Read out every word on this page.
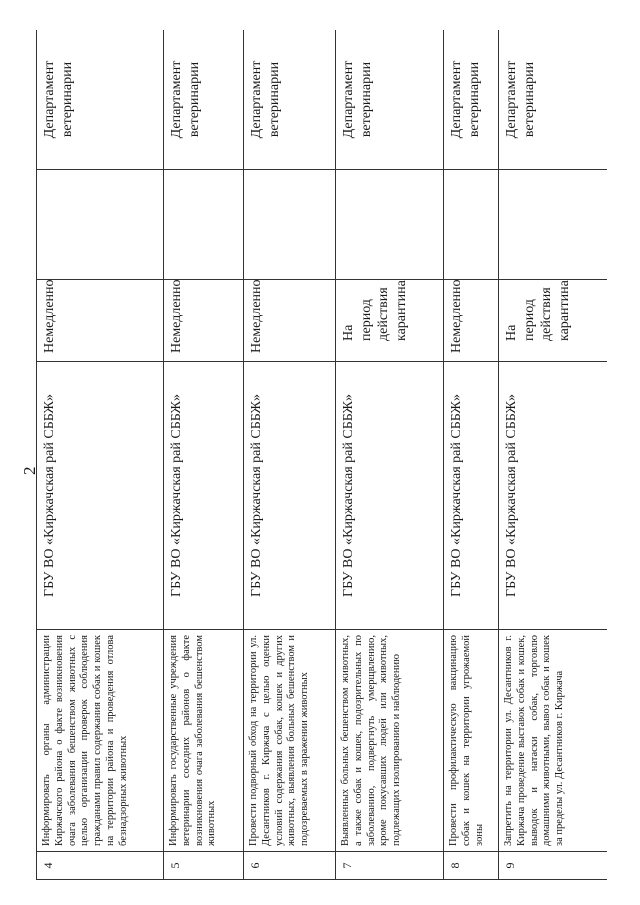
2
4	Информировать органы администрации Киржачского района о факте возникновения очага заболевания бешенством животных с целью организации проверок соблюдения гражданами правил содержания собак и кошек на территории района и проведения отлова безнадзорных животных	ГБУ ВО «Киржачская рай СББЖ»	Немедленно		Департамент ветеринарии
5	Информировать государственные учреждения ветеринарии соседних районов о факте возникновения очага заболевания бешенством животных	ГБУ ВО «Киржачская рай СББЖ»	Немедленно		Департамент ветеринарии
6	Провести подворный обход на территории ул. Десантников г. Киржача с целью оценки условий содержания собак, кошек и других животных, выявления больных бешенством и подозреваемых в заражении животных	ГБУ ВО «Киржачская рай СББЖ»	Немедленно		Департамент ветеринарии
7	Выявленных больных бешенством животных, а также собак и кошек, подозрительных по заболеванию, подвергнуть умерщвлению, кроме покусавших людей или животных, подлежащих изолированию и наблюдению	ГБУ ВО «Киржачская рай СББЖ»	На период действия карантина		Департамент ветеринарии
8	Провести профилактическую вакцинацию собак и кошек на территории угрожаемой зоны	ГБУ ВО «Киржачская рай СББЖ»	Немедленно		Департамент ветеринарии
9	Запретить на территории ул. Десантников г. Киржача проведение выставок собак и кошек, выводок и натаски собак, торговлю домашними животными, вывоз собак и кошек за пределы ул. Десантников г. Киржача	ГБУ ВО «Киржачская рай СББЖ»	На период действия карантина		Департамент ветеринарии
